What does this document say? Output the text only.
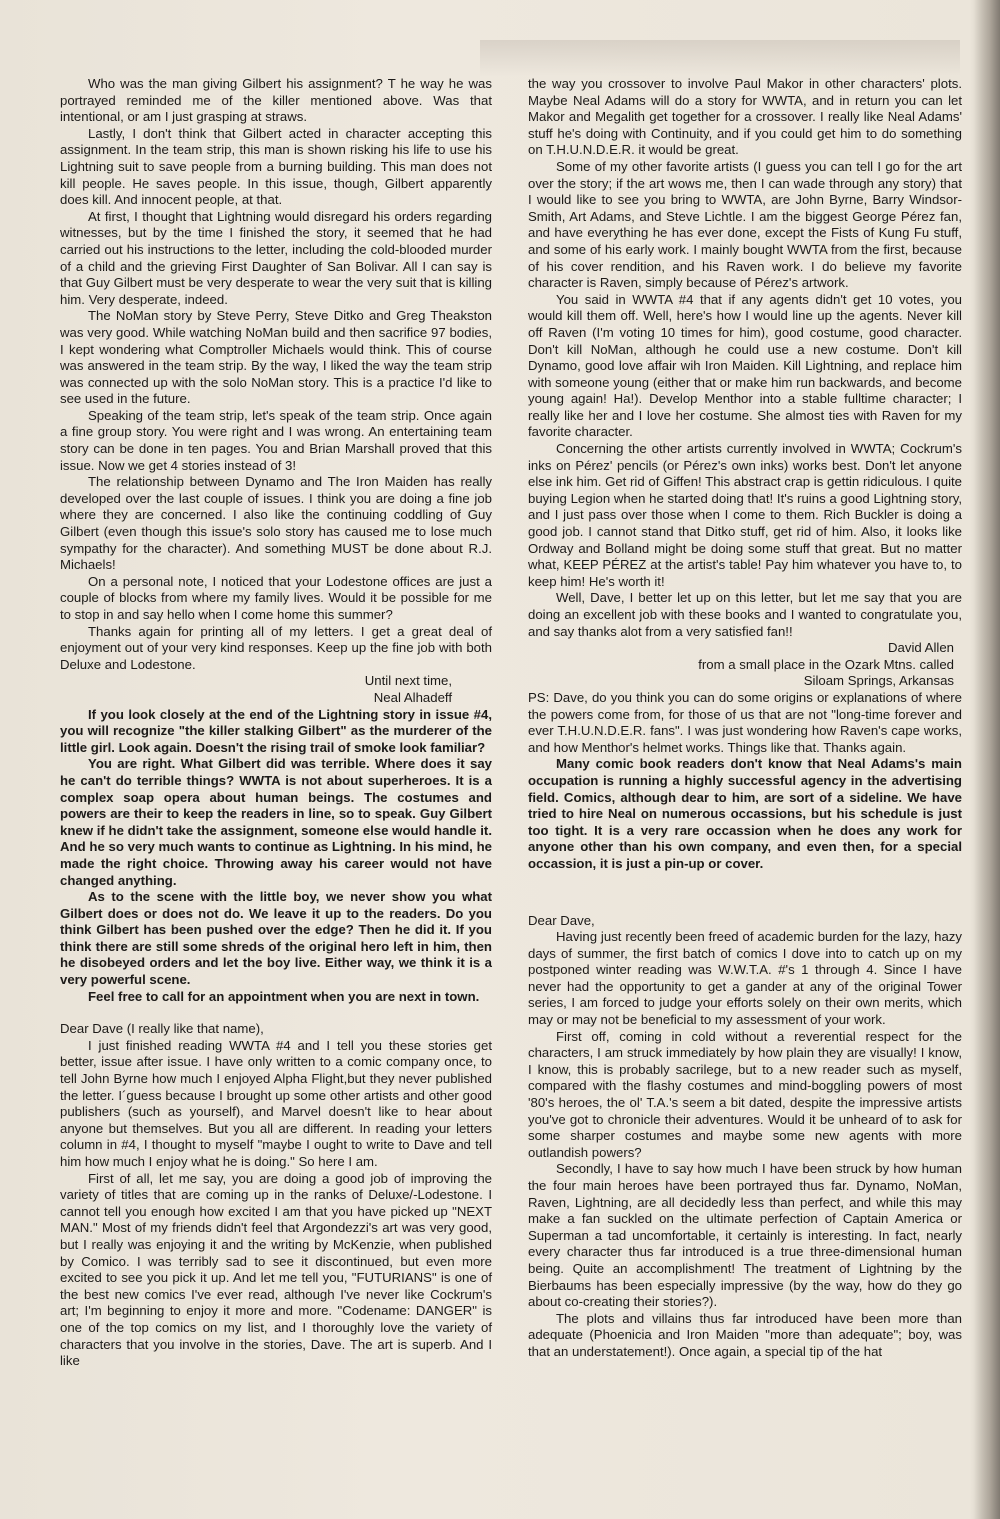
Who was the man giving Gilbert his assignment? T he way he was portrayed reminded me of the killer mentioned above. Was that intentional, or am I just grasping at straws.

Lastly, I don't think that Gilbert acted in character accepting this assignment. In the team strip, this man is shown risking his life to use his Lightning suit to save people from a burning building. This man does not kill people. He saves people. In this issue, though, Gilbert apparently does kill. And innocent people, at that.

At first, I thought that Lightning would disregard his orders regarding witnesses, but by the time I finished the story, it seemed that he had carried out his instructions to the letter, including the cold-blooded murder of a child and the grieving First Daughter of San Bolivar. All I can say is that Guy Gilbert must be very desperate to wear the very suit that is killing him. Very desperate, indeed.

The NoMan story by Steve Perry, Steve Ditko and Greg Theakston was very good. While watching NoMan build and then sacrifice 97 bodies, I kept wondering what Comptroller Michaels would think. This of course was answered in the team strip. By the way, I liked the way the team strip was connected up with the solo NoMan story. This is a practice I'd like to see used in the future.

Speaking of the team strip, let's speak of the team strip. Once again a fine group story. You were right and I was wrong. An entertaining team story can be done in ten pages. You and Brian Marshall proved that this issue. Now we get 4 stories instead of 3!

The relationship between Dynamo and The Iron Maiden has really developed over the last couple of issues. I think you are doing a fine job where they are concerned. I also like the continuing coddling of Guy Gilbert (even though this issue's solo story has caused me to lose much sympathy for the character). And something MUST be done about R.J. Michaels!

On a personal note, I noticed that your Lodestone offices are just a couple of blocks from where my family lives. Would it be possible for me to stop in and say hello when I come home this summer?

Thanks again for printing all of my letters. I get a great deal of enjoyment out of your very kind responses. Keep up the fine job with both Deluxe and Lodestone.

Until next time,

Neal Alhadeff

If you look closely at the end of the Lightning story in issue #4, you will recognize "the killer stalking Gilbert" as the murderer of the little girl. Look again. Doesn't the rising trail of smoke look familiar?

You are right. What Gilbert did was terrible. Where does it say he can't do terrible things? WWTA is not about superheroes. It is a complex soap opera about human beings. The costumes and powers are their to keep the readers in line, so to speak. Guy Gilbert knew if he didn't take the assignment, someone else would handle it. And he so very much wants to continue as Lightning. In his mind, he made the right choice. Throwing away his career would not have changed anything.

As to the scene with the little boy, we never show you what Gilbert does or does not do. We leave it up to the readers. Do you think Gilbert has been pushed over the edge? Then he did it. If you think there are still some shreds of the original hero left in him, then he disobeyed orders and let the boy live. Either way, we think it is a very powerful scene.

Feel free to call for an appointment when you are next in town.

Dear Dave (I really like that name),

I just finished reading WWTA #4 and I tell you these stories get better, issue after issue. I have only written to a comic company once, to tell John Byrne how much I enjoyed Alpha Flight,but they never published the letter. I´guess because I brought up some other artists and other good publishers (such as yourself), and Marvel doesn't like to hear about anyone but themselves. But you all are different. In reading your letters column in #4, I thought to myself "maybe I ought to write to Dave and tell him how much I enjoy what he is doing." So here I am.

First of all, let me say, you are doing a good job of improving the variety of titles that are coming up in the ranks of Deluxe/-Lodestone. I cannot tell you enough how excited I am that you have picked up "NEXT MAN." Most of my friends didn't feel that Argondezzi's art was very good, but I really was enjoying it and the writing by McKenzie, when published by Comico. I was terribly sad to see it discontinued, but even more excited to see you pick it up. And let me tell you, "FUTURIANS" is one of the best new comics I've ever read, although I've never like Cockrum's art; I'm beginning to enjoy it more and more. "Codename: DANGER" is one of the top comics on my list, and I thoroughly love the variety of characters that you involve in the stories, Dave. The art is superb. And I like

the way you crossover to involve Paul Makor in other characters' plots. Maybe Neal Adams will do a story for WWTA, and in return you can let Makor and Megalith get together for a crossover. I really like Neal Adams' stuff he's doing with Continuity, and if you could get him to do something on T.H.U.N.D.E.R. it would be great.

Some of my other favorite artists (I guess you can tell I go for the art over the story; if the art wows me, then I can wade through any story) that I would like to see you bring to WWTA, are John Byrne, Barry Windsor-Smith, Art Adams, and Steve Lichtle. I am the biggest George Pérez fan, and have everything he has ever done, except the Fists of Kung Fu stuff, and some of his early work. I mainly bought WWTA from the first, because of his cover rendition, and his Raven work. I do believe my favorite character is Raven, simply because of Pérez's artwork.

You said in WWTA #4 that if any agents didn't get 10 votes, you would kill them off. Well, here's how I would line up the agents. Never kill off Raven (I'm voting 10 times for him), good costume, good character. Don't kill NoMan, although he could use a new costume. Don't kill Dynamo, good love affair wih Iron Maiden. Kill Lightning, and replace him with someone young (either that or make him run backwards, and become young again! Ha!). Develop Menthor into a stable fulltime character; I really like her and I love her costume. She almost ties with Raven for my favorite character.

Concerning the other artists currently involved in WWTA; Cockrum's inks on Pérez' pencils (or Pérez's own inks) works best. Don't let anyone else ink him. Get rid of Giffen! This abstract crap is gettin ridiculous. I quite buying Legion when he started doing that! It's ruins a good Lightning story, and I just pass over those when I come to them. Rich Buckler is doing a good job. I cannot stand that Ditko stuff, get rid of him. Also, it looks like Ordway and Bolland might be doing some stuff that great. But no matter what, KEEP PÉREZ at the artist's table! Pay him whatever you have to, to keep him! He's worth it!

Well, Dave, I better let up on this letter, but let me say that you are doing an excellent job with these books and I wanted to congratulate you, and say thanks alot from a very satisfied fan!!

David Allen

from a small place in the Ozark Mtns. called

Siloam Springs, Arkansas

PS: Dave, do you think you can do some origins or explanations of where the powers come from, for those of us that are not "long-time forever and ever T.H.U.N.D.E.R. fans". I was just wondering how Raven's cape works, and how Menthor's helmet works. Things like that. Thanks again.

Many comic book readers don't know that Neal Adams's main occupation is running a highly successful agency in the advertising field. Comics, although dear to him, are sort of a sideline. We have tried to hire Neal on numerous occassions, but his schedule is just too tight. It is a very rare occassion when he does any work for anyone other than his own company, and even then, for a special occassion, it is just a pin-up or cover.

Dear Dave,

Having just recently been freed of academic burden for the lazy, hazy days of summer, the first batch of comics I dove into to catch up on my postponed winter reading was W.W.T.A. #'s 1 through 4. Since I have never had the opportunity to get a gander at any of the original Tower series, I am forced to judge your efforts solely on their own merits, which may or may not be beneficial to my assessment of your work.

First off, coming in cold without a reverential respect for the characters, I am struck immediately by how plain they are visually! I know, I know, this is probably sacrilege, but to a new reader such as myself, compared with the flashy costumes and mind-boggling powers of most '80's heroes, the ol' T.A.'s seem a bit dated, despite the impressive artists you've got to chronicle their adventures. Would it be unheard of to ask for some sharper costumes and maybe some new agents with more outlandish powers?

Secondly, I have to say how much I have been struck by how human the four main heroes have been portrayed thus far. Dynamo, NoMan, Raven, Lightning, are all decidedly less than perfect, and while this may make a fan suckled on the ultimate perfection of Captain America or Superman a tad uncomfortable, it certainly is interesting. In fact, nearly every character thus far introduced is a true three-dimensional human being. Quite an accomplishment! The treatment of Lightning by the Bierbaums has been especially impressive (by the way, how do they go about co-creating their stories?).

The plots and villains thus far introduced have been more than adequate (Phoenicia and Iron Maiden "more than adequate"; boy, was that an understatement!). Once again, a special tip of the hat
